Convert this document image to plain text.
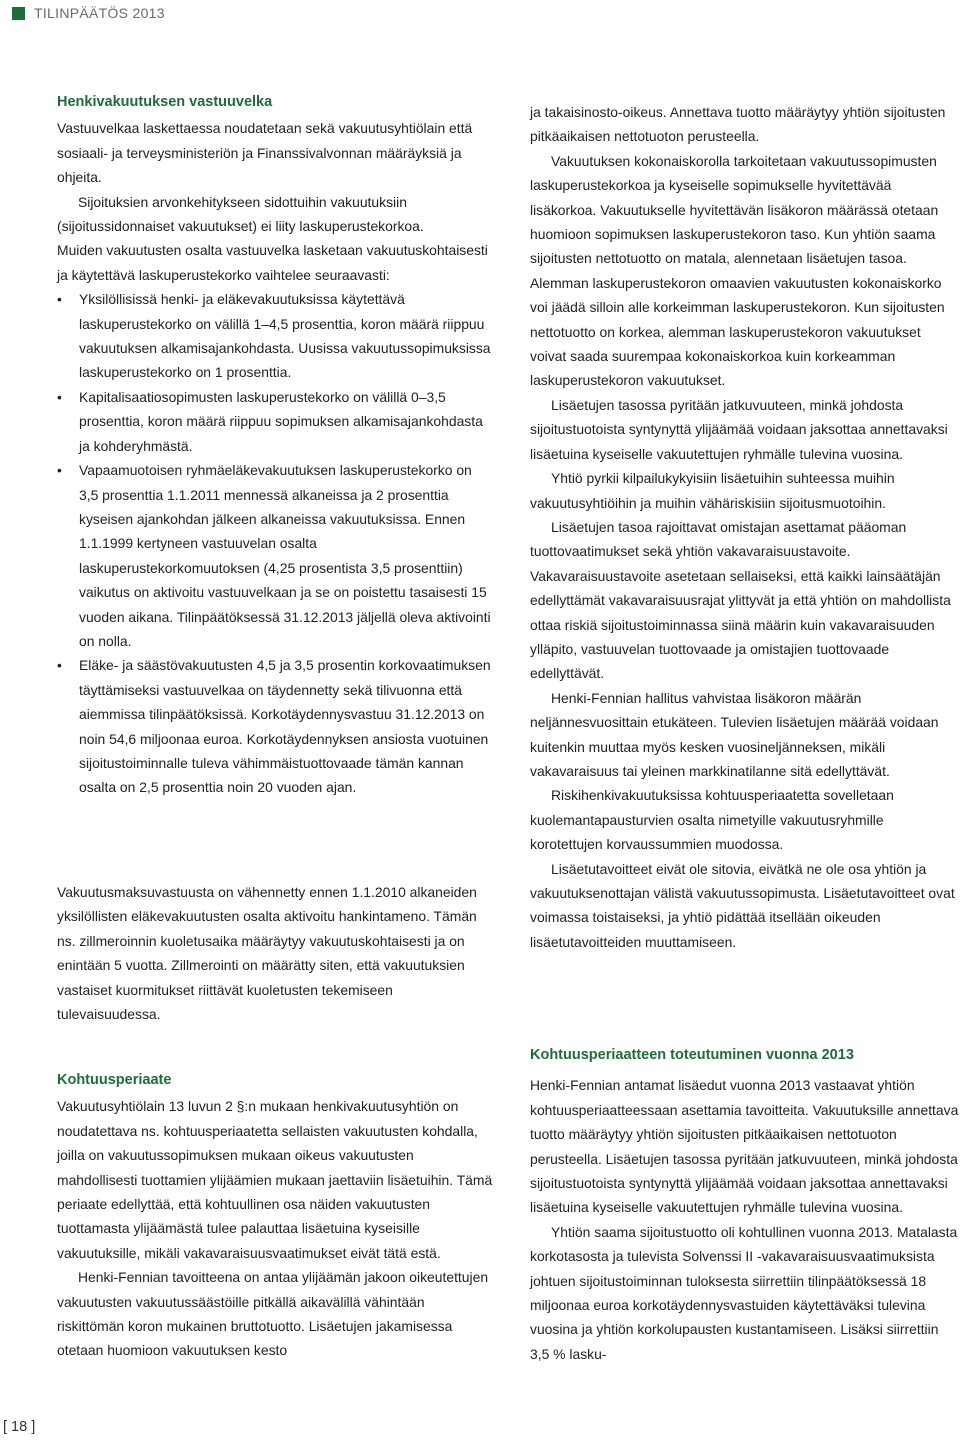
TILINPÄÄTÖS 2013

Henkivakuutuksen vastuuvelka

Vastuuvelkaa laskettaessa noudatetaan sekä vakuutusyhtiölain että sosiaali- ja terveysministeriön ja Finanssivalvonnan määräyksiä ja ohjeita.

Sijoituksien arvonkehitykseen sidottuihin vakuutuksiin (sijoitussidonnaiset vakuutukset) ei liity laskuperustekorkoa.

Muiden vakuutusten osalta vastuuvelka lasketaan vakuutuskohtaisesti ja käytettävä laskuperustekorko vaihtelee seuraavasti:

• Yksilöllisissä henki- ja eläkevakuutuksissa käytettävä laskuperustekorko on välillä 1–4,5 prosenttia, koron määrä riippuu vakuutuksen alkamisajankohdasta. Uusissa vakuutussopimuksissa laskuperustekorko on 1 prosenttia.
• Kapitalisaatiosopimusten laskuperustekorko on välillä 0–3,5 prosenttia, koron määrä riippuu sopimuksen alkamisajankohdasta ja kohderyhmästä.
• Vapaamuotoisen ryhmäeläkevakuutuksen laskuperustekorko on 3,5 prosenttia 1.1.2011 mennessä alkaneissa ja 2 prosenttia kyseisen ajankohdan jälkeen alkaneissa vakuutuksissa. Ennen 1.1.1999 kertyneen vastuuvelan osalta laskuperustekorkomuutoksen (4,25 prosentista 3,5 prosenttiin) vaikutus on aktivoitu vastuuvelkaan ja se on poistettu tasaisesti 15 vuoden aikana. Tilinpäätöksessä 31.12.2013 jäljellä oleva aktivointi on nolla.
• Eläke- ja säästövakuutusten 4,5 ja 3,5 prosentin korkovaatimuksen täyttämiseksi vastuuvelkaa on täydennetty sekä tilivuonna että aiemmissa tilinpäätöksissä. Korkotäydennysvastuu 31.12.2013 on noin 54,6 miljoonaa euroa. Korkotäydennyksen ansiosta vuotuinen sijoitustoiminnalle tuleva vähimmäistuottovaade tämän kannan osalta on 2,5 prosenttia noin 20 vuoden ajan.

Vakuutusmaksuvastuusta on vähennetty ennen 1.1.2010 alkaneiden yksilöllisten eläkevakuutusten osalta aktivoitu hankintameno. Tämän ns. zillmeroinnin kuoletusaika määräytyy vakuutuskohtaisesti ja on enintään 5 vuotta. Zillmerointi on määrätty siten, että vakuutuksien vastaiset kuormitukset riittävät kuoletusten tekemiseen tulevaisuudessa.

Kohtuusperiaate

Vakuutusyhtiölain 13 luvun 2 §:n mukaan henkivakuutusyhtiön on noudatettava ns. kohtuusperiaatetta sellaisten vakuutusten kohdalla, joilla on vakuutussopimuksen mukaan oikeus vakuutusten mahdollisesti tuottamien ylijäämien mukaan jaettaviin lisäetuihin. Tämä periaate edellyttää, että kohtuullinen osa näiden vakuutusten tuottamasta ylijäämästä tulee palauttaa lisäetuina kyseisille vakuutuksille, mikäli vakavaraisuusvaatimukset eivät tätä estä.

Henki-Fennian tavoitteena on antaa ylijäämän jakoon oikeutettujen vakuutusten vakuutussäästöille pitkällä aikavälillä vähintään riskittömän koron mukainen bruttotuotto. Lisäetujen jakamisessa otetaan huomioon vakuutuksen kesto

ja takaisinosto-oikeus. Annettava tuotto määräytyy yhtiön sijoitusten pitkäaikaisen nettotuoton perusteella.

Vakuutuksen kokonaiskorolla tarkoitetaan vakuutussopimusten laskuperustekorkoa ja kyseiselle sopimukselle hyvitettävää lisäkorkoa. Vakuutukselle hyvitettävän lisäkoron määrässä otetaan huomioon sopimuksen laskuperustekoron taso. Kun yhtiön saama sijoitusten nettotuotto on matala, alennetaan lisäetujen tasoa. Alemman laskuperustekoron omaavien vakuutusten kokonaiskorko voi jäädä silloin alle korkeimman laskuperustekoron. Kun sijoitusten nettotuotto on korkea, alemman laskuperustekoron vakuutukset voivat saada suurempaa kokonaiskorkoa kuin korkeamman laskuperustekoron vakuutukset.

Lisäetujen tasossa pyritään jatkuvuuteen, minkä johdosta sijoitustuotoista syntynyttä ylijäämää voidaan jaksottaa annettavaksi lisäetuina kyseiselle vakuutettujen ryhmälle tulevina vuosina.

Yhtiö pyrkii kilpailukykyisiin lisäetuihin suhteessa muihin vakuutusyhtiöihin ja muihin vähäriskisiin sijoitusmuotoihin.

Lisäetujen tasoa rajoittavat omistajan asettamat pääoman tuottovaatimukset sekä yhtiön vakavaraisuustavoite. Vakavaraisuustavoite asetetaan sellaiseksi, että kaikki lainsäätäjän edellyttämät vakavaraisuusrajat ylittyvät ja että yhtiön on mahdollista ottaa riskiä sijoitustoiminnassa siinä määrin kuin vakavaraisuuden ylläpito, vastuuvelan tuottovaade ja omistajien tuottovaade edellyttävät.

Henki-Fennian hallitus vahvistaa lisäkoron määrän neljännesvuosittain etukäteen. Tulevien lisäetujen määrää voidaan kuitenkin muuttaa myös kesken vuosineljänneksen, mikäli vakavaraisuus tai yleinen markkinatilanne sitä edellyttävät.

Riskihenkivakuutuksissa kohtuusperiaatetta sovelletaan kuolemantapausturvien osalta nimetyille vakuutusryhmille korotettujen korvaussummien muodossa.

Lisäetutavoitteet eivät ole sitovia, eivätkä ne ole osa yhtiön ja vakuutuksenottajan välistä vakuutussopimusta. Lisäetutavoitteet ovat voimassa toistaiseksi, ja yhtiö pidättää itsellään oikeuden lisäetutavoitteiden muuttamiseen.

Kohtuusperiaatteen toteutuminen vuonna 2013

Henki-Fennian antamat lisäedut vuonna 2013 vastaavat yhtiön kohtuusperiaatteessaan asettamia tavoitteita. Vakuutuksille annettava tuotto määräytyy yhtiön sijoitusten pitkäaikaisen nettotuoton perusteella. Lisäetujen tasossa pyritään jatkuvuuteen, minkä johdosta sijoitustuotoista syntynyttä ylijäämää voidaan jaksottaa annettavaksi lisäetuina kyseiselle vakuutettujen ryhmälle tulevina vuosina.

Yhtiön saama sijoitustuotto oli kohtullinen vuonna 2013. Matalasta korkotasosta ja tulevista Solvenssi II -vakavaraisuusvaatimuksista johtuen sijoitustoiminnan tuloksesta siirrettiin tilinpäätöksessä 18 miljoonaa euroa korkotäydennysvastuiden käytettäväksi tulevina vuosina ja yhtiön korkolupausten kustantamiseen. Lisäksi siirrettiin 3,5 % lasku-

[ 18 ]
